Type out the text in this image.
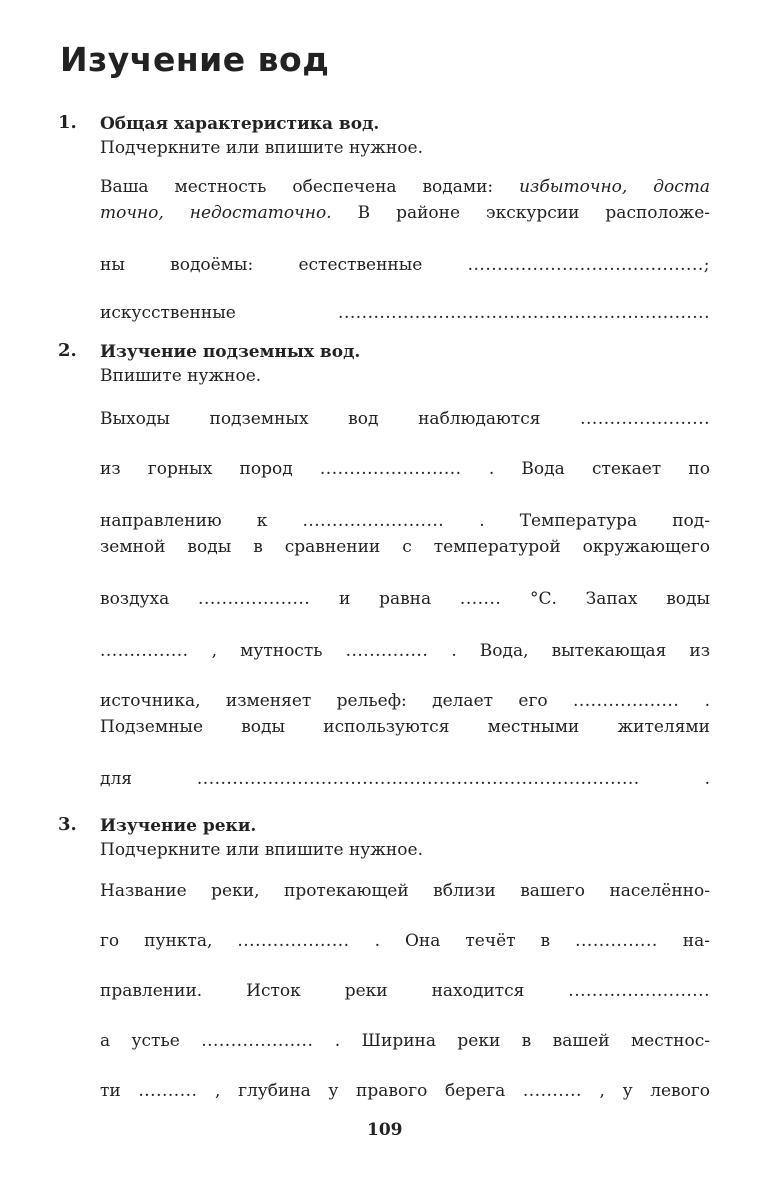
Изучение вод
1. Общая характеристика вод.
Подчеркните или впишите нужное.
Ваша местность обеспечена водами: избыточно, доста
точно, недостаточно. В районе экскурсии расположе-
ны водоёмы: естественные	........................................;
искусственные	...............................................................
2. Изучение подземных вод.
Впишите нужное.
Выходы подземных вод наблюдаются ......................
из горных пород ........................ . Вода стекает по
направлению к ........................ . Температура под-
земной воды в сравнении с температурой окружающего
воздуха ................... и равна ....... °С. Запах воды
............... , мутность .............. . Вода, вытекающая из
источника, изменяет рельеф: делает его .................. .
Подземные воды используются местными жителями
для	...........................................................................	.
3. Изучение реки.
Подчеркните или впишите нужное.
Название реки, протекающей вблизи вашего населённо-
го пункта, ................... . Она течёт в .............. на-
правлении. Исток реки находится	........................
а устье ................... . Ширина реки в вашей местнос-
ти .......... , глубина у правого берега .......... , у левого
109
